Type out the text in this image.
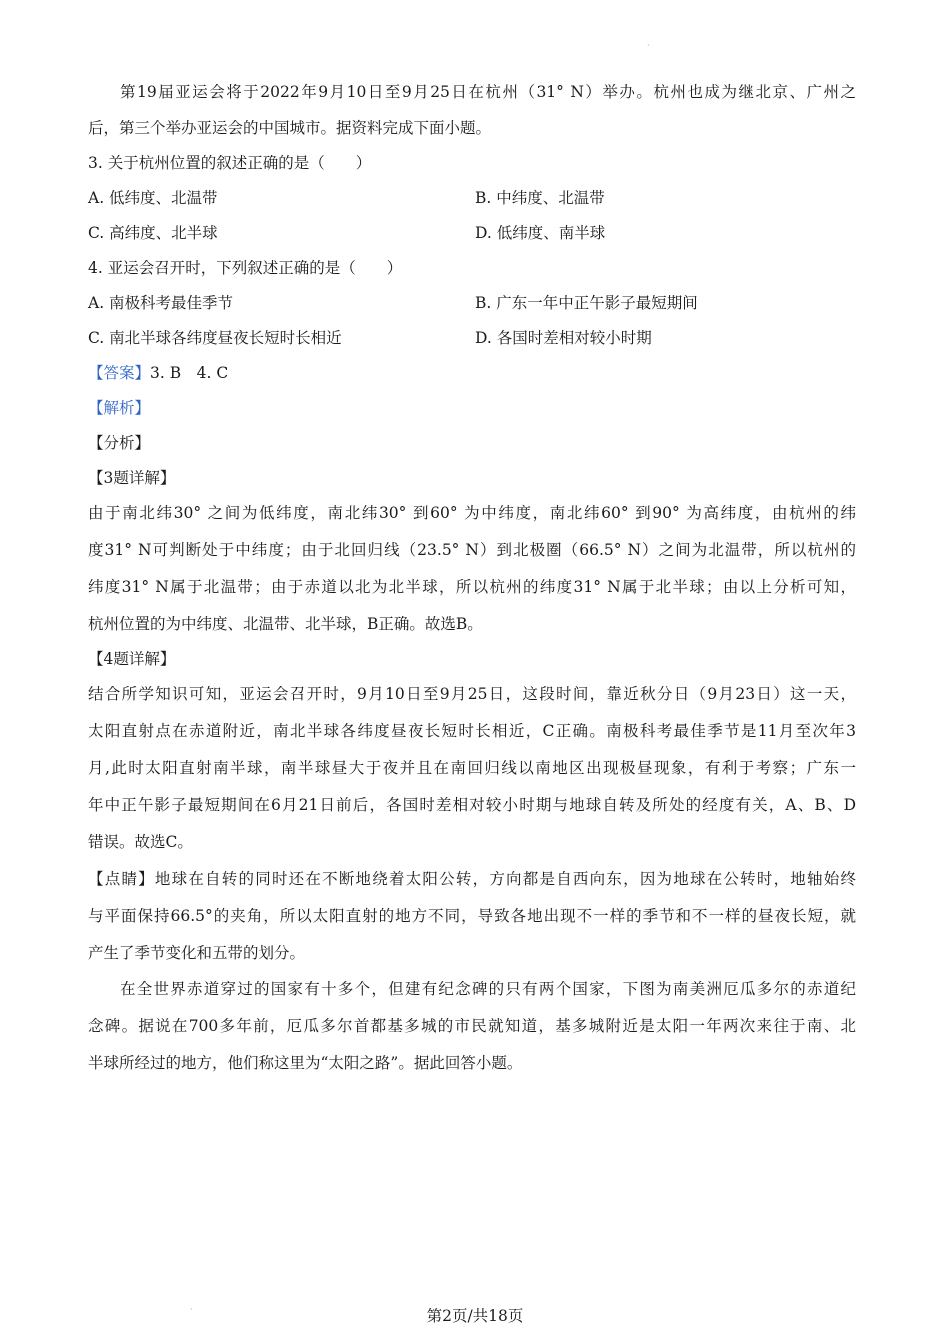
·
第19届亚运会将于2022年9月10日至9月25日在杭州（31° N）举办。杭州也成为继北京、广州之
后，第三个举办亚运会的中国城市。据资料完成下面小题。
3. 关于杭州位置的叙述正确的是（　　）
A. 低纬度、北温带	B. 中纬度、北温带
C. 高纬度、北半球	D. 低纬度、南半球
4. 亚运会召开时，下列叙述正确的是（　　）
A. 南极科考最佳季节	B. 广东一年中正午影子最短期间
C. 南北半球各纬度昼夜长短时长相近	D. 各国时差相对较小时期
【答案】3. B　4. C
【解析】
【分析】
【3题详解】
由于南北纬30° 之间为低纬度，南北纬30° 到60° 为中纬度，南北纬60° 到90° 为高纬度，由杭州的纬
度31° N可判断处于中纬度；由于北回归线（23.5° N）到北极圈（66.5° N）之间为北温带，所以杭州的
纬度31° N属于北温带；由于赤道以北为北半球，所以杭州的纬度31° N属于北半球；由以上分析可知，
杭州位置的为中纬度、北温带、北半球，B正确。故选B。
【4题详解】
结合所学知识可知，亚运会召开时，9月10日至9月25日，这段时间，靠近秋分日（9月23日）这一天，
太阳直射点在赤道附近，南北半球各纬度昼夜长短时长相近，C正确。南极科考最佳季节是11月至次年3
月,此时太阳直射南半球，南半球昼大于夜并且在南回归线以南地区出现极昼现象，有利于考察；广东一
年中正午影子最短期间在6月21日前后，各国时差相对较小时期与地球自转及所处的经度有关，A、B、D
错误。故选C。
【点睛】地球在自转的同时还在不断地绕着太阳公转，方向都是自西向东，因为地球在公转时，地轴始终
与平面保持66.5°的夹角，所以太阳直射的地方不同，导致各地出现不一样的季节和不一样的昼夜长短，就
产生了季节变化和五带的划分。
在全世界赤道穿过的国家有十多个，但建有纪念碑的只有两个国家，下图为南美洲厄瓜多尔的赤道纪
念碑。据说在700多年前，厄瓜多尔首都基多城的市民就知道，基多城附近是太阳一年两次来往于南、北
半球所经过的地方，他们称这里为“太阳之路”。据此回答小题。
·	第2页/共18页
